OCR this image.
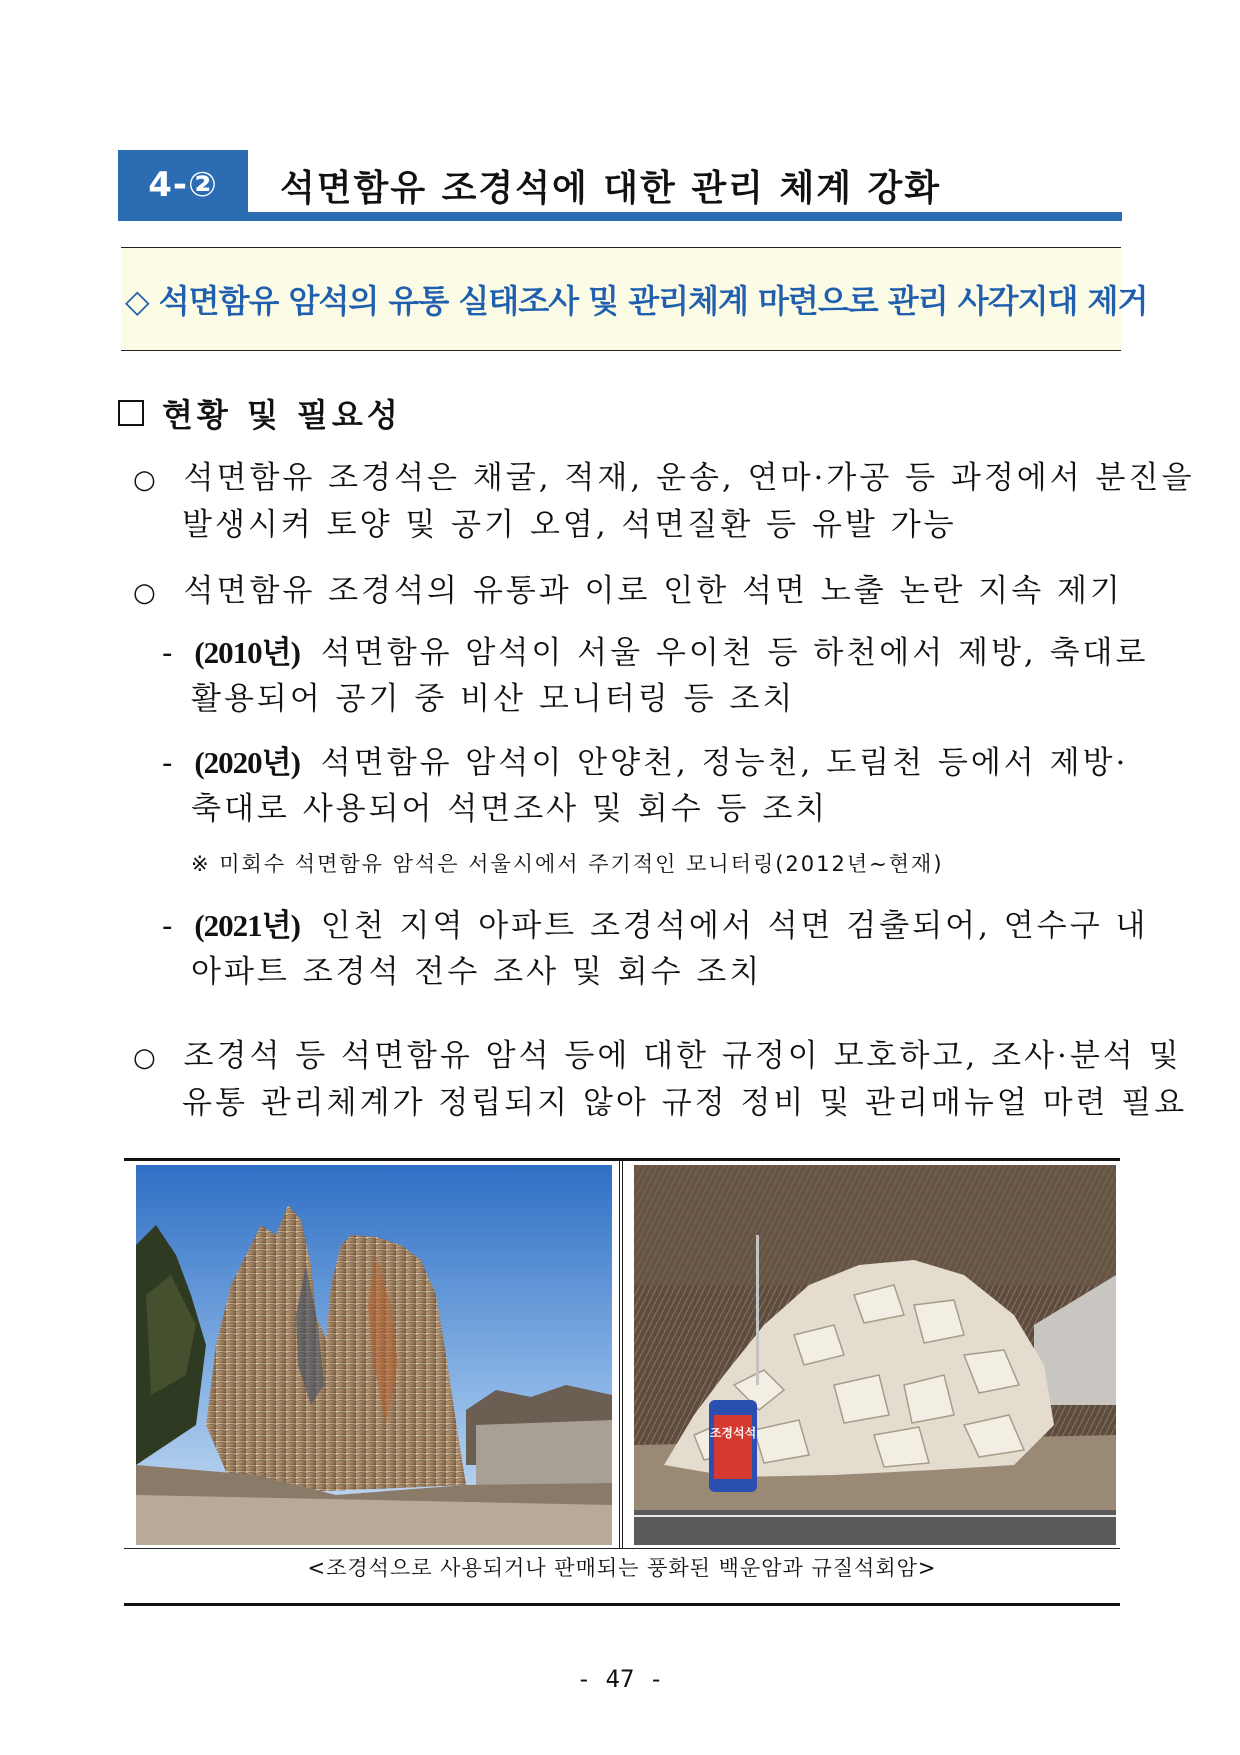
4-②	석면함유 조경석에 대한 관리 체계 강화
◇ 석면함유 암석의 유통 실태조사 및 관리체계 마련으로 관리 사각지대 제거
현황 및 필요성
○ 석면함유 조경석은 채굴, 적재, 운송, 연마·가공 등 과정에서 분진을
발생시켜 토양 및 공기 오염, 석면질환 등 유발 가능
○ 석면함유 조경석의 유통과 이로 인한 석면 노출 논란 지속 제기
- (2010년) 석면함유 암석이 서울 우이천 등 하천에서 제방, 축대로
활용되어 공기 중 비산 모니터링 등 조치
- (2020년) 석면함유 암석이 안양천, 정능천, 도림천 등에서 제방·
축대로 사용되어 석면조사 및 회수 등 조치
※ 미회수 석면함유 암석은 서울시에서 주기적인 모니터링(2012년∼현재)
- (2021년) 인천 지역 아파트 조경석에서 석면 검출되어, 연수구 내
아파트 조경석 전수 조사 및 회수 조치
○ 조경석 등 석면함유 암석 등에 대한 규정이 모호하고, 조사·분석 및
유통 관리체계가 정립되지 않아 규정 정비 및 관리매뉴얼 마련 필요
조경석석
<조경석으로 사용되거나 판매되는 풍화된 백운암과 규질석회암>
- 47 -
